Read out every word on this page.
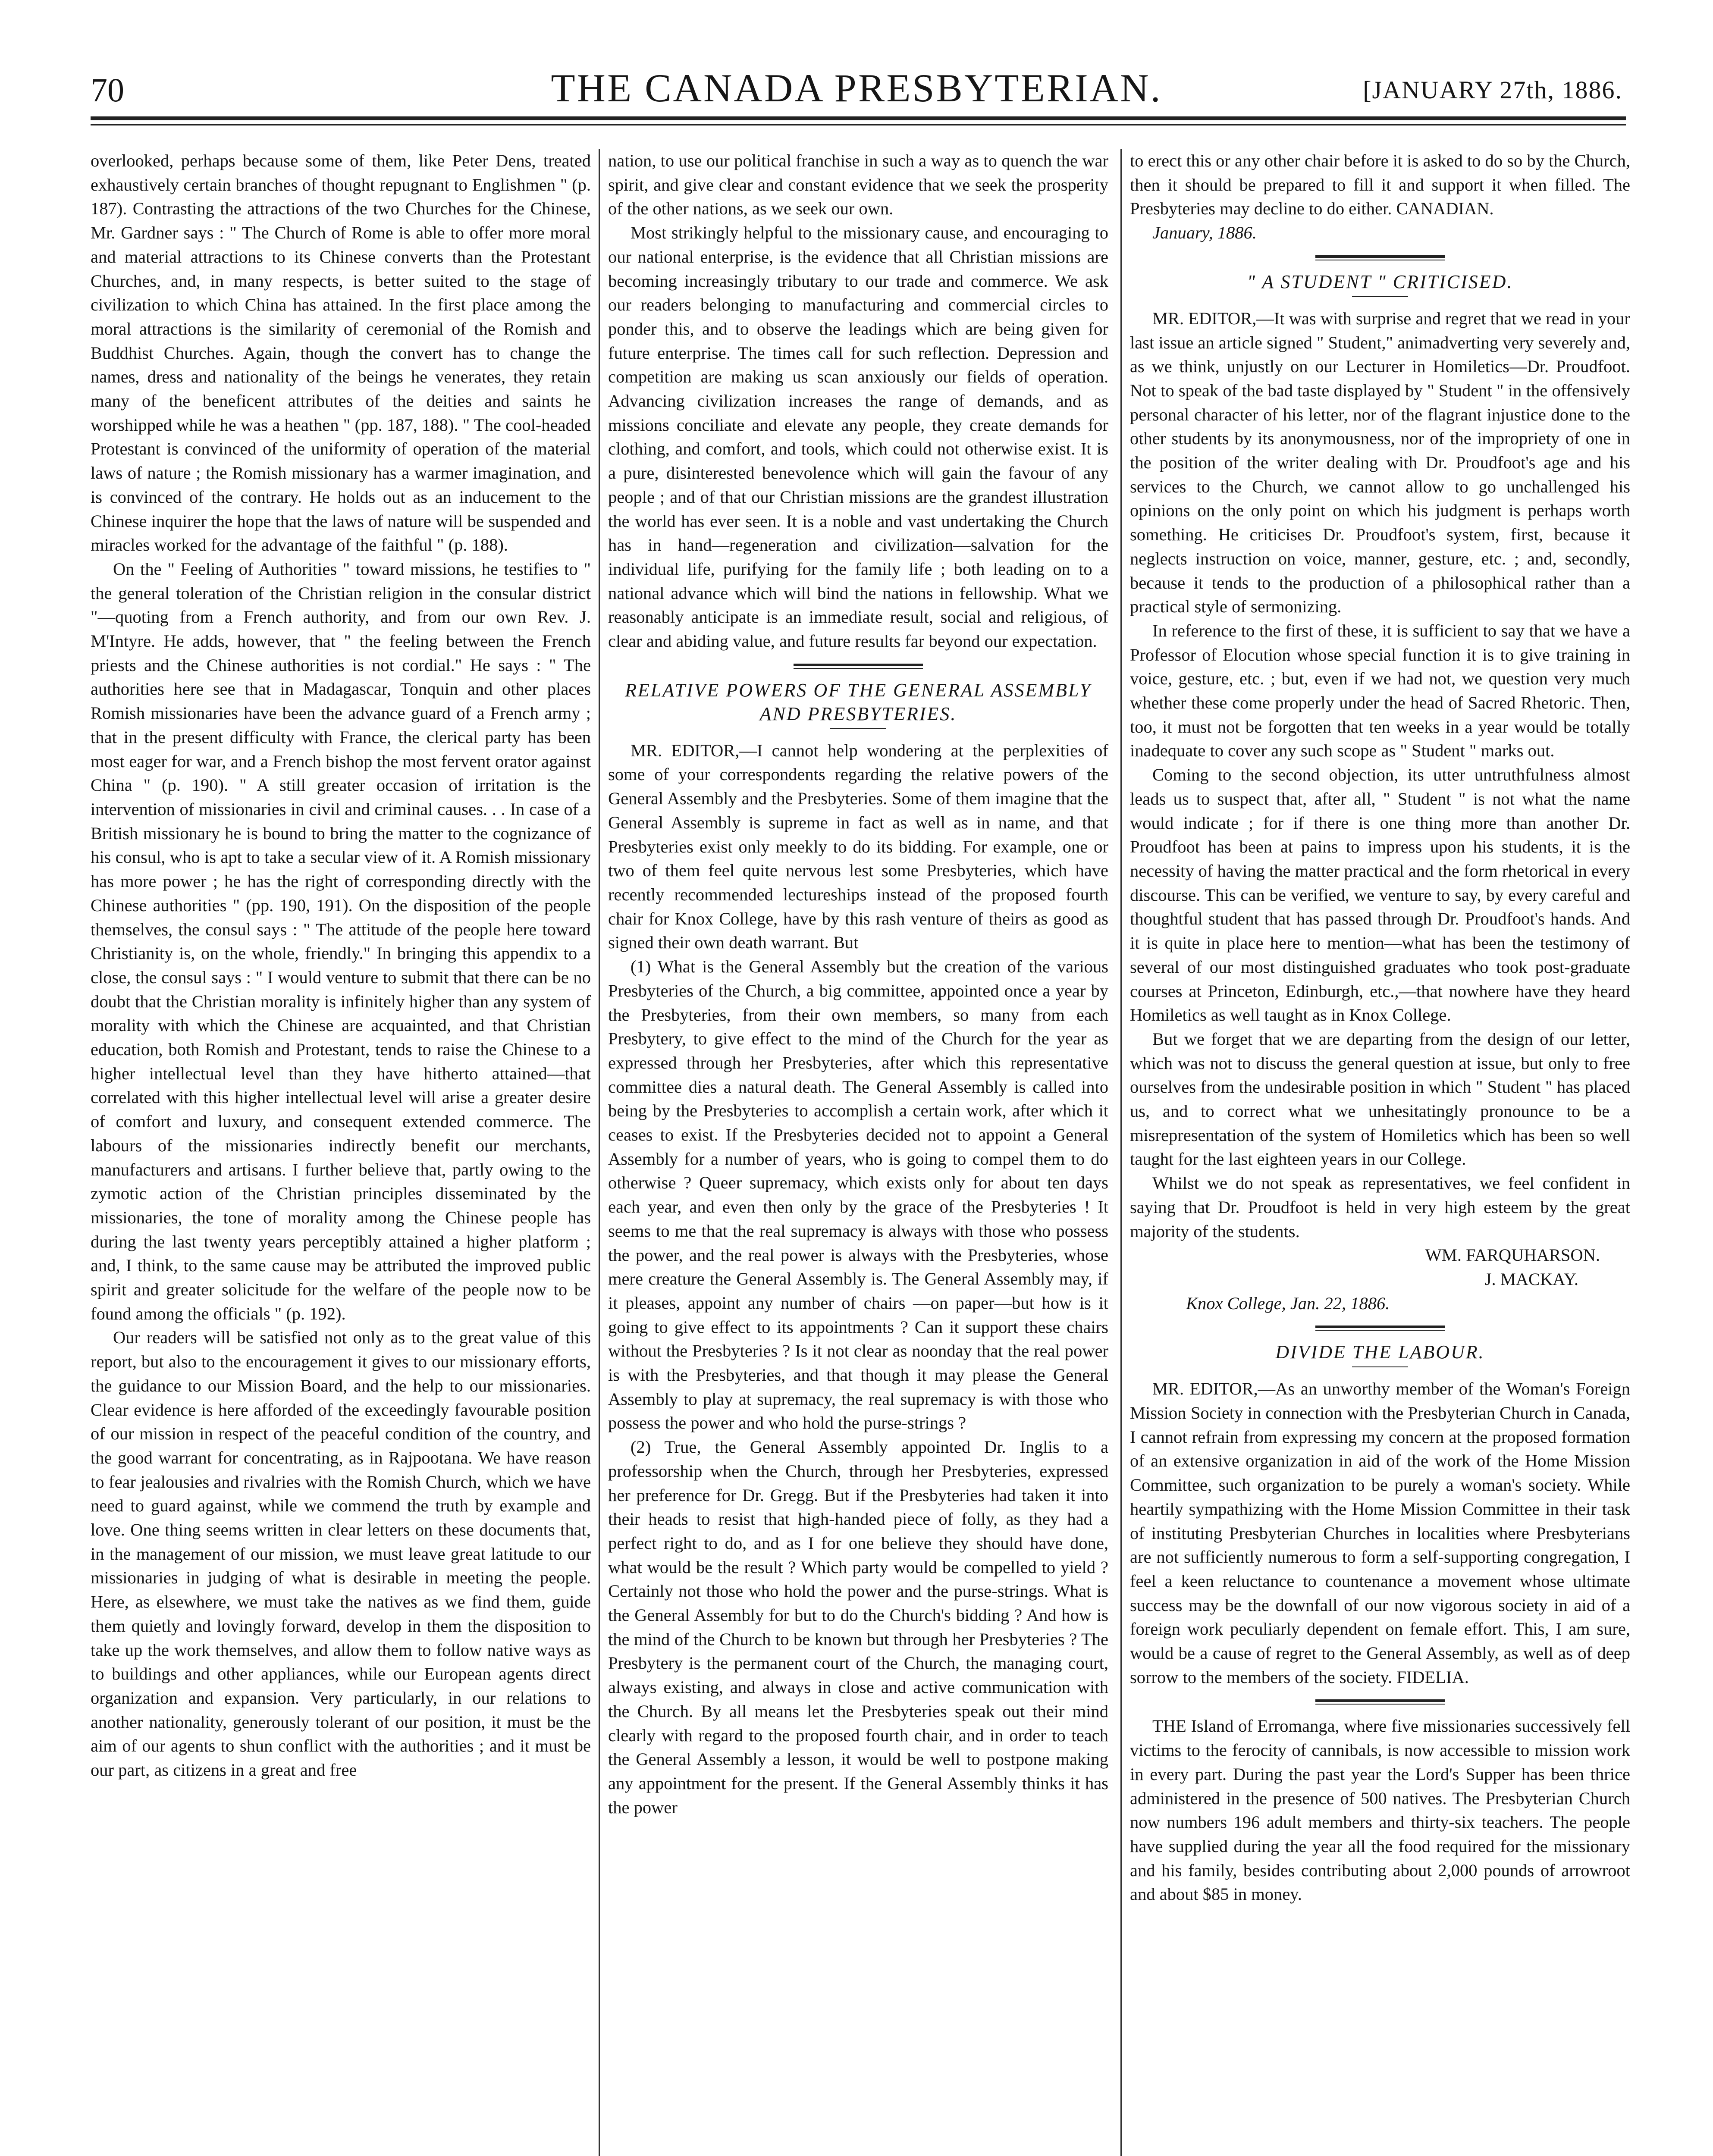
70	THE CANADA PRESBYTERIAN.	[JANUARY 27th, 1886.

overlooked, perhaps because some of them, like Peter Dens, treated exhaustively certain branches of thought repugnant to Englishmen " (p. 187). Contrasting the attractions of the two Churches for the Chinese, Mr. Gardner says : " The Church of Rome is able to offer more moral and material attractions to its Chinese converts than the Protestant Churches, and, in many respects, is better suited to the stage of civilization to which China has attained. In the first place among the moral attractions is the similarity of ceremonial of the Romish and Buddhist Churches. Again, though the convert has to change the names, dress and nationality of the beings he venerates, they retain many of the beneficent attributes of the deities and saints he worshipped while he was a heathen " (pp. 187, 188). " The cool-headed Protestant is convinced of the uniformity of operation of the material laws of nature ; the Romish missionary has a warmer imagination, and is convinced of the contrary. He holds out as an inducement to the Chinese inquirer the hope that the laws of nature will be suspended and miracles worked for the advantage of the faithful " (p. 188).

On the " Feeling of Authorities " toward missions, he testifies to " the general toleration of the Christian religion in the consular district "—quoting from a French authority, and from our own Rev. J. M'Intyre. He adds, however, that " the feeling between the French priests and the Chinese authorities is not cordial." He says : " The authorities here see that in Madagascar, Tonquin and other places Romish missionaries have been the advance guard of a French army ; that in the present difficulty with France, the clerical party has been most eager for war, and a French bishop the most fervent orator against China " (p. 190). " A still greater occasion of irritation is the intervention of missionaries in civil and criminal causes. . . In case of a British missionary he is bound to bring the matter to the cognizance of his consul, who is apt to take a secular view of it. A Romish missionary has more power ; he has the right of corresponding directly with the Chinese authorities " (pp. 190, 191). On the disposition of the people themselves, the consul says : " The attitude of the people here toward Christianity is, on the whole, friendly." In bringing this appendix to a close, the consul says : " I would venture to submit that there can be no doubt that the Christian morality is infinitely higher than any system of morality with which the Chinese are acquainted, and that Christian education, both Romish and Protestant, tends to raise the Chinese to a higher intellectual level than they have hitherto attained—that correlated with this higher intellectual level will arise a greater desire of comfort and luxury, and consequent extended commerce. The labours of the missionaries indirectly benefit our merchants, manufacturers and artisans. I further believe that, partly owing to the zymotic action of the Christian principles disseminated by the missionaries, the tone of morality among the Chinese people has during the last twenty years perceptibly attained a higher platform ; and, I think, to the same cause may be attributed the improved public spirit and greater solicitude for the welfare of the people now to be found among the officials " (p. 192).

Our readers will be satisfied not only as to the great value of this report, but also to the encouragement it gives to our missionary efforts, the guidance to our Mission Board, and the help to our missionaries. Clear evidence is here afforded of the exceedingly favourable position of our mission in respect of the peaceful condition of the country, and the good warrant for concentrating, as in Rajpootana. We have reason to fear jealousies and rivalries with the Romish Church, which we have need to guard against, while we commend the truth by example and love. One thing seems written in clear letters on these documents that, in the management of our mission, we must leave great latitude to our missionaries in judging of what is desirable in meeting the people. Here, as elsewhere, we must take the natives as we find them, guide them quietly and lovingly forward, develop in them the disposition to take up the work themselves, and allow them to follow native ways as to buildings and other appliances, while our European agents direct organization and expansion. Very particularly, in our relations to another nationality, generously tolerant of our position, it must be the aim of our agents to shun conflict with the authorities ; and it must be our part, as citizens in a great and free

nation, to use our political franchise in such a way as to quench the war spirit, and give clear and constant evidence that we seek the prosperity of the other nations, as we seek our own.

Most strikingly helpful to the missionary cause, and encouraging to our national enterprise, is the evidence that all Christian missions are becoming increasingly tributary to our trade and commerce. We ask our readers belonging to manufacturing and commercial circles to ponder this, and to observe the leadings which are being given for future enterprise. The times call for such reflection. Depression and competition are making us scan anxiously our fields of operation. Advancing civilization increases the range of demands, and as missions conciliate and elevate any people, they create demands for clothing, and comfort, and tools, which could not otherwise exist. It is a pure, disinterested benevolence which will gain the favour of any people ; and of that our Christian missions are the grandest illustration the world has ever seen. It is a noble and vast undertaking the Church has in hand—regeneration and civilization—salvation for the individual life, purifying for the family life ; both leading on to a national advance which will bind the nations in fellowship. What we reasonably anticipate is an immediate result, social and religious, of clear and abiding value, and future results far beyond our expectation.

RELATIVE POWERS OF THE GENERAL ASSEMBLY AND PRESBYTERIES.

MR. EDITOR,—I cannot help wondering at the perplexities of some of your correspondents regarding the relative powers of the General Assembly and the Presbyteries. Some of them imagine that the General Assembly is supreme in fact as well as in name, and that Presbyteries exist only meekly to do its bidding. For example, one or two of them feel quite nervous lest some Presbyteries, which have recently recommended lectureships instead of the proposed fourth chair for Knox College, have by this rash venture of theirs as good as signed their own death warrant. But

(1) What is the General Assembly but the creation of the various Presbyteries of the Church, a big committee, appointed once a year by the Presbyteries, from their own members, so many from each Presbytery, to give effect to the mind of the Church for the year as expressed through her Presbyteries, after which this representative committee dies a natural death. The General Assembly is called into being by the Presbyteries to accomplish a certain work, after which it ceases to exist. If the Presbyteries decided not to appoint a General Assembly for a number of years, who is going to compel them to do otherwise ? Queer supremacy, which exists only for about ten days each year, and even then only by the grace of the Presbyteries ! It seems to me that the real supremacy is always with those who possess the power, and the real power is always with the Presbyteries, whose mere creature the General Assembly is. The General Assembly may, if it pleases, appoint any number of chairs —on paper—but how is it going to give effect to its appointments ? Can it support these chairs without the Presbyteries ? Is it not clear as noonday that the real power is with the Presbyteries, and that though it may please the General Assembly to play at supremacy, the real supremacy is with those who possess the power and who hold the purse-strings ?

(2) True, the General Assembly appointed Dr. Inglis to a professorship when the Church, through her Presbyteries, expressed her preference for Dr. Gregg. But if the Presbyteries had taken it into their heads to resist that high-handed piece of folly, as they had a perfect right to do, and as I for one believe they should have done, what would be the result ? Which party would be compelled to yield ? Certainly not those who hold the power and the purse-strings. What is the General Assembly for but to do the Church's bidding ? And how is the mind of the Church to be known but through her Presbyteries ? The Presbytery is the permanent court of the Church, the managing court, always existing, and always in close and active communication with the Church. By all means let the Presbyteries speak out their mind clearly with regard to the proposed fourth chair, and in order to teach the General Assembly a lesson, it would be well to postpone making any appointment for the present. If the General Assembly thinks it has the power

to erect this or any other chair before it is asked to do so by the Church, then it should be prepared to fill it and support it when filled. The Presbyteries may decline to do either. CANADIAN.

January, 1886.
" A STUDENT " CRITICISED.

MR. EDITOR,—It was with surprise and regret that we read in your last issue an article signed " Student," animadverting very severely and, as we think, unjustly on our Lecturer in Homiletics—Dr. Proudfoot. Not to speak of the bad taste displayed by " Student " in the offensively personal character of his letter, nor of the flagrant injustice done to the other students by its anonymousness, nor of the impropriety of one in the position of the writer dealing with Dr. Proudfoot's age and his services to the Church, we cannot allow to go unchallenged his opinions on the only point on which his judgment is perhaps worth something. He criticises Dr. Proudfoot's system, first, because it neglects instruction on voice, manner, gesture, etc. ; and, secondly, because it tends to the production of a philosophical rather than a practical style of sermonizing.

In reference to the first of these, it is sufficient to say that we have a Professor of Elocution whose special function it is to give training in voice, gesture, etc. ; but, even if we had not, we question very much whether these come properly under the head of Sacred Rhetoric. Then, too, it must not be forgotten that ten weeks in a year would be totally inadequate to cover any such scope as " Student " marks out.

Coming to the second objection, its utter untruthfulness almost leads us to suspect that, after all, " Student " is not what the name would indicate ; for if there is one thing more than another Dr. Proudfoot has been at pains to impress upon his students, it is the necessity of having the matter practical and the form rhetorical in every discourse. This can be verified, we venture to say, by every careful and thoughtful student that has passed through Dr. Proudfoot's hands. And it is quite in place here to mention—what has been the testimony of several of our most distinguished graduates who took post-graduate courses at Princeton, Edinburgh, etc.,—that nowhere have they heard Homiletics as well taught as in Knox College.

But we forget that we are departing from the design of our letter, which was not to discuss the general question at issue, but only to free ourselves from the undesirable position in which " Student " has placed us, and to correct what we unhesitatingly pronounce to be a misrepresentation of the system of Homiletics which has been so well taught for the last eighteen years in our College.

Whilst we do not speak as representatives, we feel confident in saying that Dr. Proudfoot is held in very high esteem by the great majority of the students.

WM. FARQUHARSON.
J. MACKAY.
Knox College, Jan. 22, 1886.
DIVIDE THE LABOUR.

MR. EDITOR,—As an unworthy member of the Woman's Foreign Mission Society in connection with the Presbyterian Church in Canada, I cannot refrain from expressing my concern at the proposed formation of an extensive organization in aid of the work of the Home Mission Committee, such organization to be purely a woman's society. While heartily sympathizing with the Home Mission Committee in their task of instituting Presbyterian Churches in localities where Presbyterians are not sufficiently numerous to form a self-supporting congregation, I feel a keen reluctance to countenance a movement whose ultimate success may be the downfall of our now vigorous society in aid of a foreign work peculiarly dependent on female effort. This, I am sure, would be a cause of regret to the General Assembly, as well as of deep sorrow to the members of the society. FIDELIA.

THE Island of Erromanga, where five missionaries successively fell victims to the ferocity of cannibals, is now accessible to mission work in every part. During the past year the Lord's Supper has been thrice administered in the presence of 500 natives. The Presbyterian Church now numbers 196 adult members and thirty-six teachers. The people have supplied during the year all the food required for the missionary and his family, besides contributing about 2,000 pounds of arrowroot and about $85 in money.
